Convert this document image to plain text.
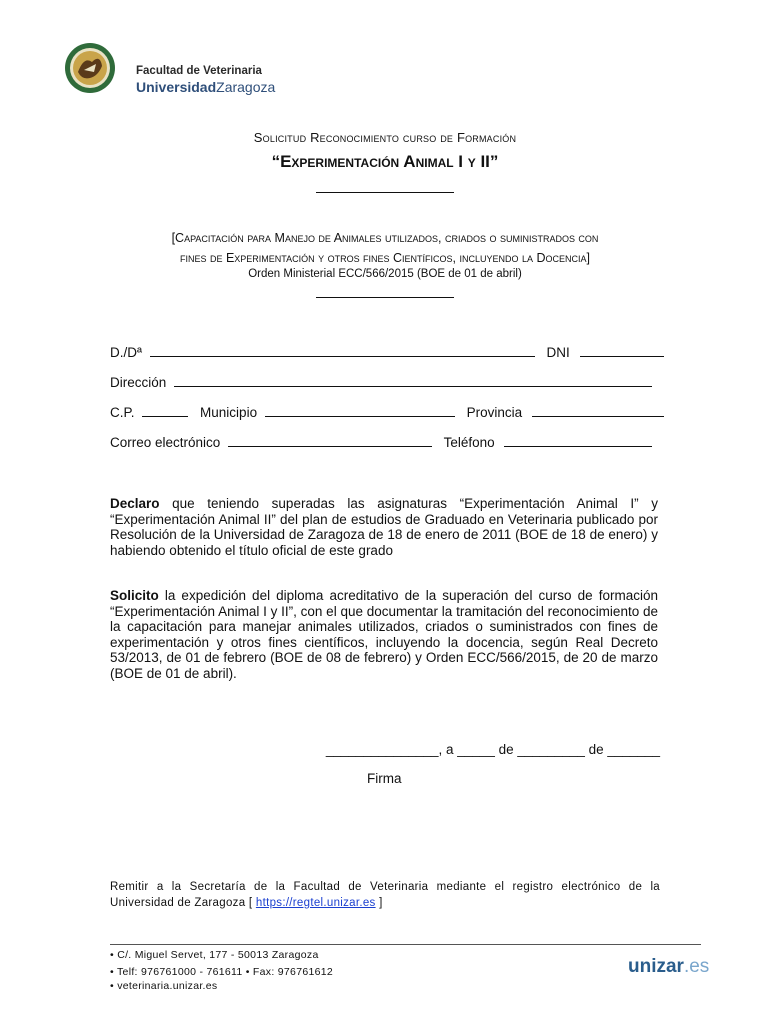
Facultad de Veterinaria
UniversidadZaragoza
Solicitud Reconocimiento curso de Formación
“Experimentación Animal I y II”
[Capacitación para Manejo de Animales utilizados, criados o suministrados con
fines de Experimentación y otros fines Científicos, incluyendo la Docencia]
Orden Ministerial ECC/566/2015 (BOE de 01 de abril)
D./Dª	DNI
Dirección
C.P.	Municipio	Provincia
Correo electrónico	Teléfono
Declaro que teniendo superadas las asignaturas “Experimentación Animal I” y “Experimentación Animal II” del plan de estudios de Graduado en Veterinaria publicado por Resolución de la Universidad de Zaragoza de 18 de enero de 2011 (BOE de 18 de enero) y habiendo obtenido el título oficial de este grado
Solicito la expedición del diploma acreditativo de la superación del curso de formación “Experimentación Animal I y II”, con el que documentar la tramitación del reconocimiento de la capacitación para manejar animales utilizados, criados o suministrados con fines de experimentación y otros fines científicos, incluyendo la docencia, según Real Decreto 53/2013, de 01 de febrero (BOE de 08 de febrero) y Orden ECC/566/2015, de 20 de marzo (BOE de 01 de abril).
_______________, a _____ de _________ de _______
Firma
Remitir a la Secretaría de la Facultad de Veterinaria mediante el registro electrónico de la Universidad de Zaragoza [ https://regtel.unizar.es ]
• C/. Miguel Servet, 177 - 50013 Zaragoza
• Telf: 976761000 - 761611 • Fax: 976761612
• veterinaria.unizar.es
unizar.es
